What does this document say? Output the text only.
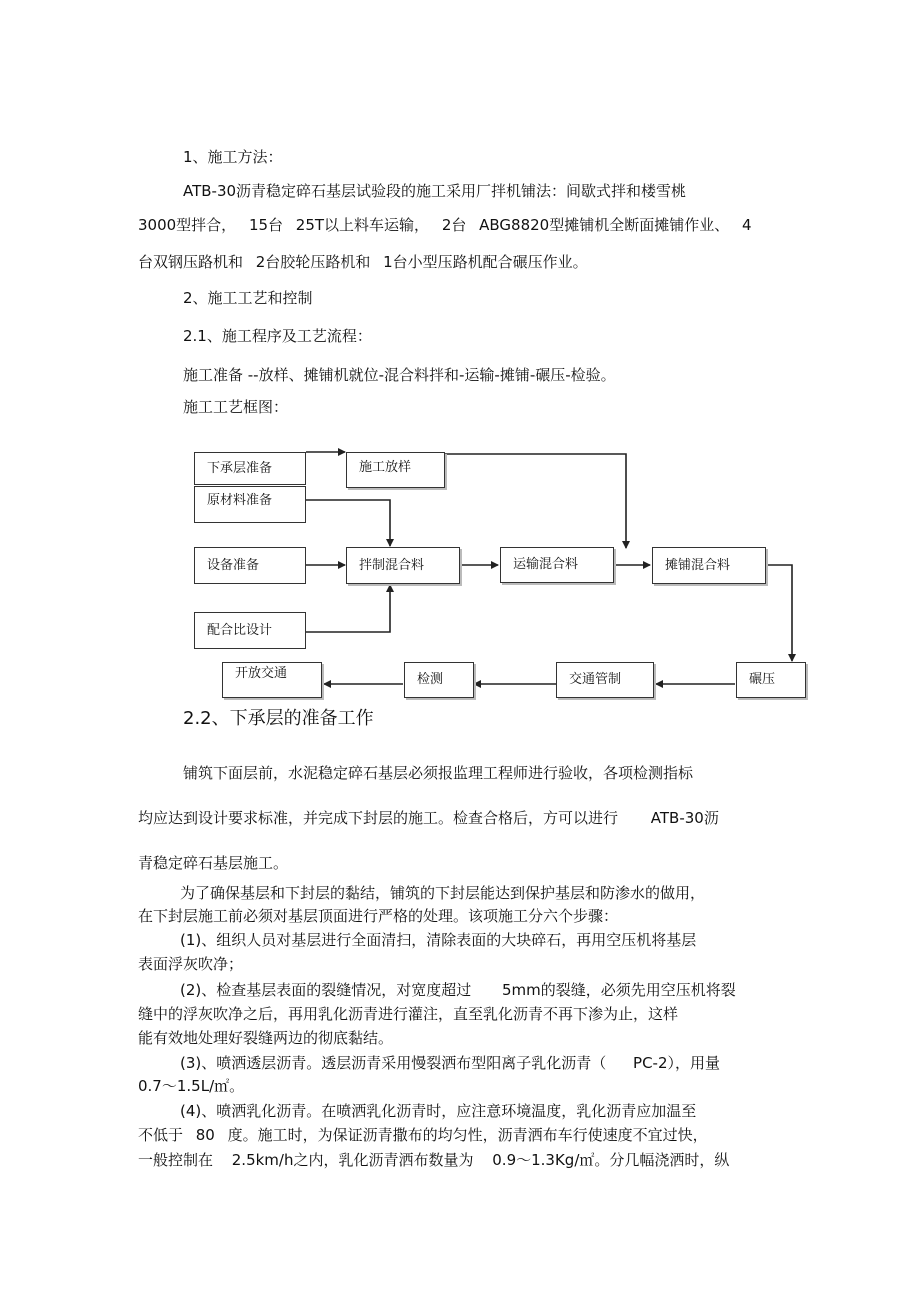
1、施工方法：
ATB-30沥青稳定碎石基层试验段的施工采用厂拌机铺法：间歇式拌和楼雪桃
3000型拌合， 15台 25T以上料车运输， 2台 ABG8820型摊铺机全断面摊铺作业、 4
台双钢压路机和 2台胶轮压路机和 1台小型压路机配合碾压作业。
2、施工工艺和控制
2.1、施工程序及工艺流程：
施工准备 --放样、摊铺机就位-混合料拌和-运输-摊铺-碾压-检验。
施工工艺框图：
下承层准备	施工放样
原材料准备
设备准备	拌制混合料	运输混合料	摊铺混合料
配合比设计
开放交通	检测	交通管制	碾压
2.2、下承层的准备工作
铺筑下面层前，水泥稳定碎石基层必须报监理工程师进行验收，各项检测指标
均应达到设计要求标准，并完成下封层的施工。检查合格后，方可以进行 ATB-30沥
青稳定碎石基层施工。
为了确保基层和下封层的黏结，铺筑的下封层能达到保护基层和防渗水的做用，
在下封层施工前必须对基层顶面进行严格的处理。该项施工分六个步骤：
(1)、组织人员对基层进行全面清扫，清除表面的大块碎石，再用空压机将基层
表面浮灰吹净；
(2)、检查基层表面的裂缝情况，对宽度超过 5mm的裂缝，必须先用空压机将裂
缝中的浮灰吹净之后，再用乳化沥青进行灌注，直至乳化沥青不再下渗为止，这样
能有效地处理好裂缝两边的彻底黏结。
(3)、喷洒透层沥青。透层沥青采用慢裂洒布型阳离子乳化沥青（ PC-2），用量
0.7～1.5L/㎡。
(4)、喷洒乳化沥青。在喷洒乳化沥青时，应注意环境温度，乳化沥青应加温至
不低于 80 度。施工时，为保证沥青撒布的均匀性，沥青洒布车行使速度不宜过快，
一般控制在 2.5km/h之内，乳化沥青洒布数量为 0.9～1.3Kg/㎡。分几幅浇洒时，纵
